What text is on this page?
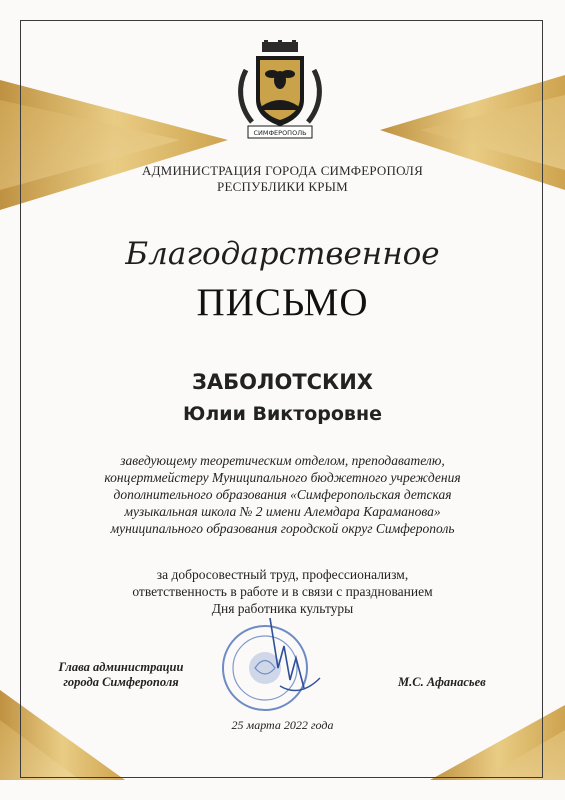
СИМФЕРОПОЛЬ
АДМИНИСТРАЦИЯ ГОРОДА СИМФЕРОПОЛЯ
РЕСПУБЛИКИ КРЫМ
Благодарственное
ПИСЬМО
ЗАБОЛОТСКИХ
Юлии Викторовне
заведующему теоретическим отделом, преподавателю,
концертмейстеру Муниципального бюджетного учреждения
дополнительного образования «Симферопольская детская
музыкальная школа № 2 имени Алемдара Караманова»
муниципального образования городской округ Симферополь
за добросовестный труд, профессионализм,
ответственность в работе и в связи с празднованием
Дня работника культуры
Глава администрации
города Симферополя	М.С. Афанасьев
25 марта 2022 года
